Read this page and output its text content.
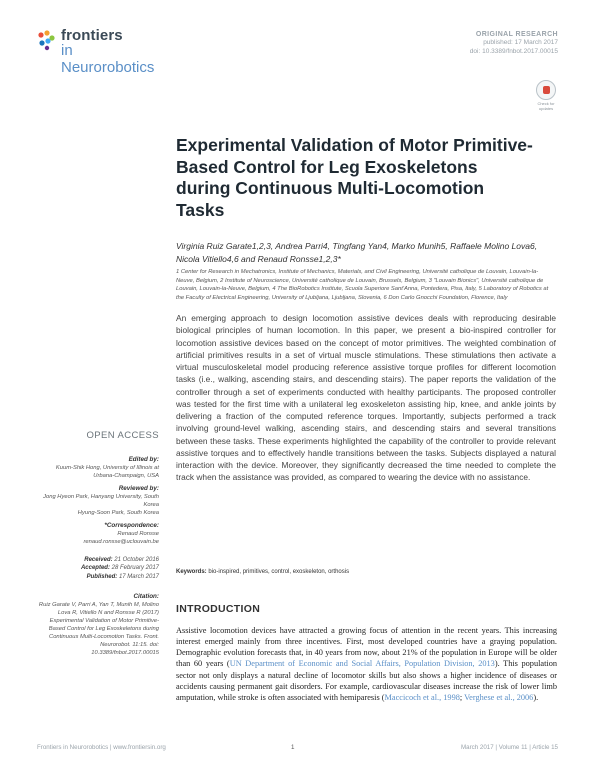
frontiers
in Neurorobotics
ORIGINAL RESEARCH
published: 17 March 2017
doi: 10.3389/fnbot.2017.00015
Check for updates
Experimental Validation of Motor Primitive-Based Control for Leg Exoskeletons during Continuous Multi-Locomotion Tasks
Virginia Ruiz Garate1,2,3, Andrea Parri4, Tingfang Yan4, Marko Munih5, Raffaele Molino Lova6, Nicola Vitiello4,6 and Renaud Ronsse1,2,3*
1 Center for Research in Mechatronics, Institute of Mechanics, Materials, and Civil Engineering, Université catholique de Louvain, Louvain-la-Neuve, Belgium, 2 Institute of Neuroscience, Université catholique de Louvain, Brussels, Belgium, 3 "Louvain Bionics", Université catholique de Louvain, Louvain-la-Neuve, Belgium, 4 The BioRobotics Institute, Scuola Superiore Sant'Anna, Pontedera, Pisa, Italy, 5 Laboratory of Robotics at the Faculty of Electrical Engineering, University of Ljubljana, Ljubljana, Slovenia, 6 Don Carlo Gnocchi Foundation, Florence, Italy
An emerging approach to design locomotion assistive devices deals with reproducing desirable biological principles of human locomotion. In this paper, we present a bio-inspired controller for locomotion assistive devices based on the concept of motor primitives. The weighted combination of artificial primitives results in a set of virtual muscle stimulations. These stimulations then activate a virtual musculoskeletal model producing reference assistive torque profiles for different locomotion tasks (i.e., walking, ascending stairs, and descending stairs). The paper reports the validation of the controller through a set of experiments conducted with healthy participants. The proposed controller was tested for the first time with a unilateral leg exoskeleton assisting hip, knee, and ankle joints by delivering a fraction of the computed reference torques. Importantly, subjects performed a track involving ground-level walking, ascending stairs, and descending stairs and several transitions between these tasks. These experiments highlighted the capability of the controller to provide relevant assistive torques and to effectively handle transitions between the tasks. Subjects displayed a natural interaction with the device. Moreover, they significantly decreased the time needed to complete the track when the assistance was provided, as compared to wearing the device with no assistance.
Keywords: bio-inspired, primitives, control, exoskeleton, orthosis
OPEN ACCESS
Edited by:
Kuum-Shik Hong, University of Illinois at Urbana-Champaign, USA
Reviewed by:
Jong Hyeon Park, Hanyang University, South Korea
Hyung-Soon Park, South Korea
*Correspondence:
Renaud Ronsse
renaud.ronsse@uclouvain.be
Received: 21 October 2016
Accepted: 28 February 2017
Published: 17 March 2017
Citation:
Ruiz Garate V, Parri A, Yan T, Munih M, Molino Lova R, Vitiello N and Ronsse R (2017) Experimental Validation of Motor Primitive-Based Control for Leg Exoskeletons during Continuous Multi-Locomotion Tasks. Front. Neurorobot. 11:15. doi: 10.3389/fnbot.2017.00015
INTRODUCTION

Assistive locomotion devices have attracted a growing focus of attention in the recent years. This increasing interest emerged mainly from three incentives. First, most developed countries have a graying population. Demographic evolution forecasts that, in 40 years from now, about 21% of the population in Europe will be older than 60 years (UN Department of Economic and Social Affairs, Population Division, 2013). This population sector not only displays a natural decline of locomotor skills but also shows a higher incidence of diseases or accidents causing permanent gait disorders. For example, cardiovascular diseases increase the risk of lower limb amputation, while stroke is often associated with hemiparesis (Maccicoch et al., 1998; Verghese et al., 2006).

Frontiers in Neurorobotics | www.frontiersin.org	1	March 2017 | Volume 11 | Article 15
